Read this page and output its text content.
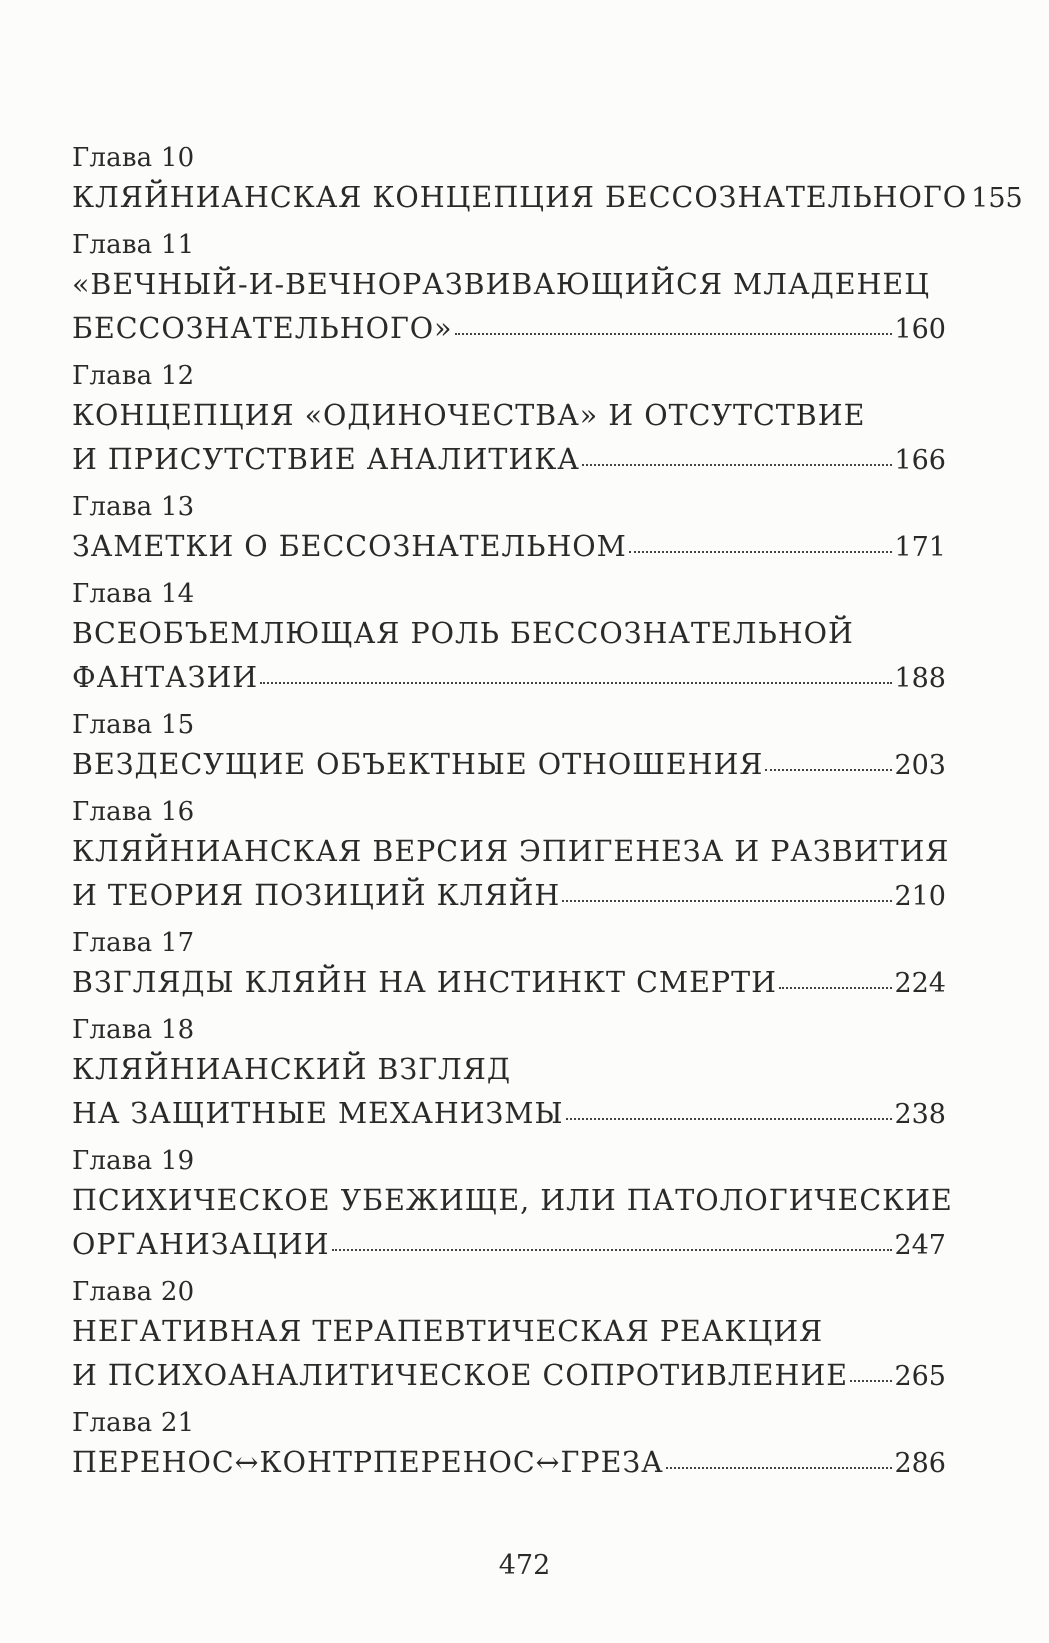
Глава 10
КЛЯЙНИАНСКАЯ КОНЦЕПЦИЯ БЕССОЗНАТЕЛЬНОГО 155
Глава 11
«ВЕЧНЫЙ-И-ВЕЧНОРАЗВИВАЮЩИЙСЯ МЛАДЕНЕЦ
БЕССОЗНАТЕЛЬНОГО»	160
Глава 12
КОНЦЕПЦИЯ «ОДИНОЧЕСТВА» И ОТСУТСТВИЕ
И ПРИСУТСТВИЕ АНАЛИТИКА	166
Глава 13
ЗАМЕТКИ О БЕССОЗНАТЕЛЬНОМ	171
Глава 14
ВСЕОБЪЕМЛЮЩАЯ РОЛЬ БЕССОЗНАТЕЛЬНОЙ
ФАНТАЗИИ	188
Глава 15
ВЕЗДЕСУЩИЕ ОБЪЕКТНЫЕ ОТНОШЕНИЯ	203
Глава 16
КЛЯЙНИАНСКАЯ ВЕРСИЯ ЭПИГЕНЕЗА И РАЗВИТИЯ
И ТЕОРИЯ ПОЗИЦИЙ КЛЯЙН	210
Глава 17
ВЗГЛЯДЫ КЛЯЙН НА ИНСТИНКТ СМЕРТИ	224
Глава 18
КЛЯЙНИАНСКИЙ ВЗГЛЯД
НА ЗАЩИТНЫЕ МЕХАНИЗМЫ	238
Глава 19
ПСИХИЧЕСКОЕ УБЕЖИЩЕ, ИЛИ ПАТОЛОГИЧЕСКИЕ
ОРГАНИЗАЦИИ	247
Глава 20
НЕГАТИВНАЯ ТЕРАПЕВТИЧЕСКАЯ РЕАКЦИЯ
И ПСИХОАНАЛИТИЧЕСКОЕ СОПРОТИВЛЕНИЕ 265
Глава 21
ПЕРЕНОС↔КОНТРПЕРЕНОС↔ГРЕЗА	286
472
